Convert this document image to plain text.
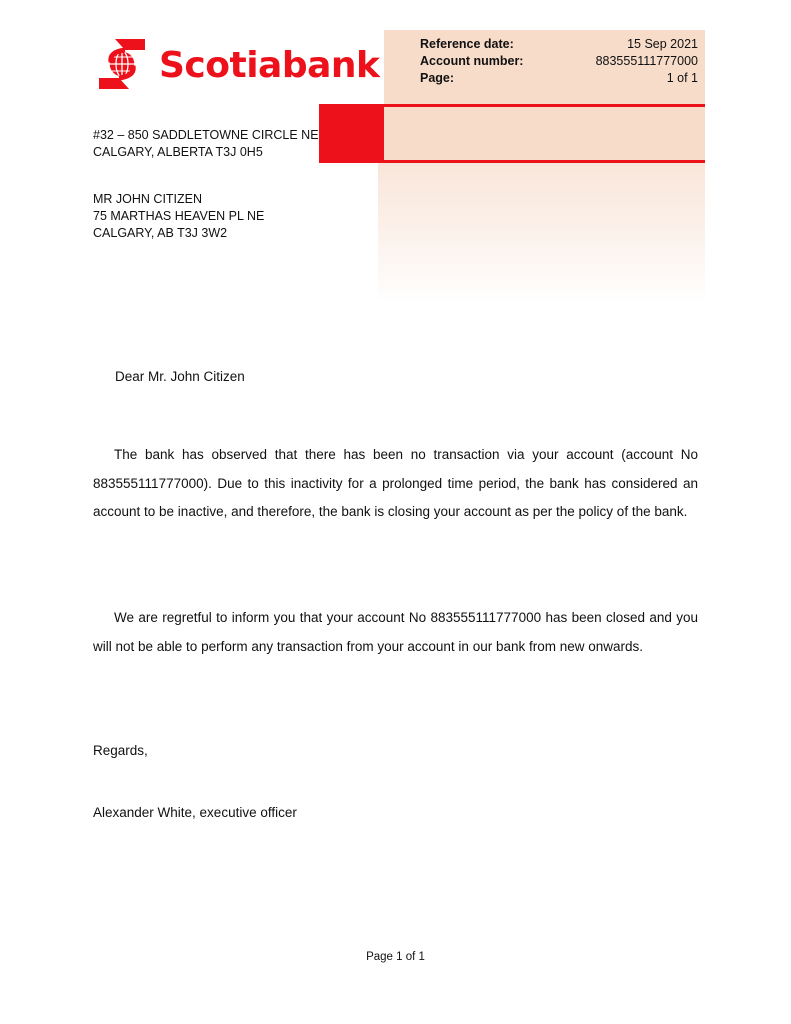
Scotiabank
Reference date:	15 Sep 2021
Account number:	883555111777000
Page:	1 of 1
#32 – 850 SADDLETOWNE CIRCLE NE
CALGARY, ALBERTA T3J 0H5
MR JOHN CITIZEN
75 MARTHAS HEAVEN PL NE
CALGARY, AB T3J 3W2
Dear Mr. John Citizen
The bank has observed that there has been no transaction via your account (account No 883555111777000). Due to this inactivity for a prolonged time period, the bank has considered an account to be inactive, and therefore, the bank is closing your account as per the policy of the bank.
We are regretful to inform you that your account No 883555111777000 has been closed and you will not be able to perform any transaction from your account in our bank from new onwards.
Regards,
Alexander White, executive officer
Page 1 of 1
